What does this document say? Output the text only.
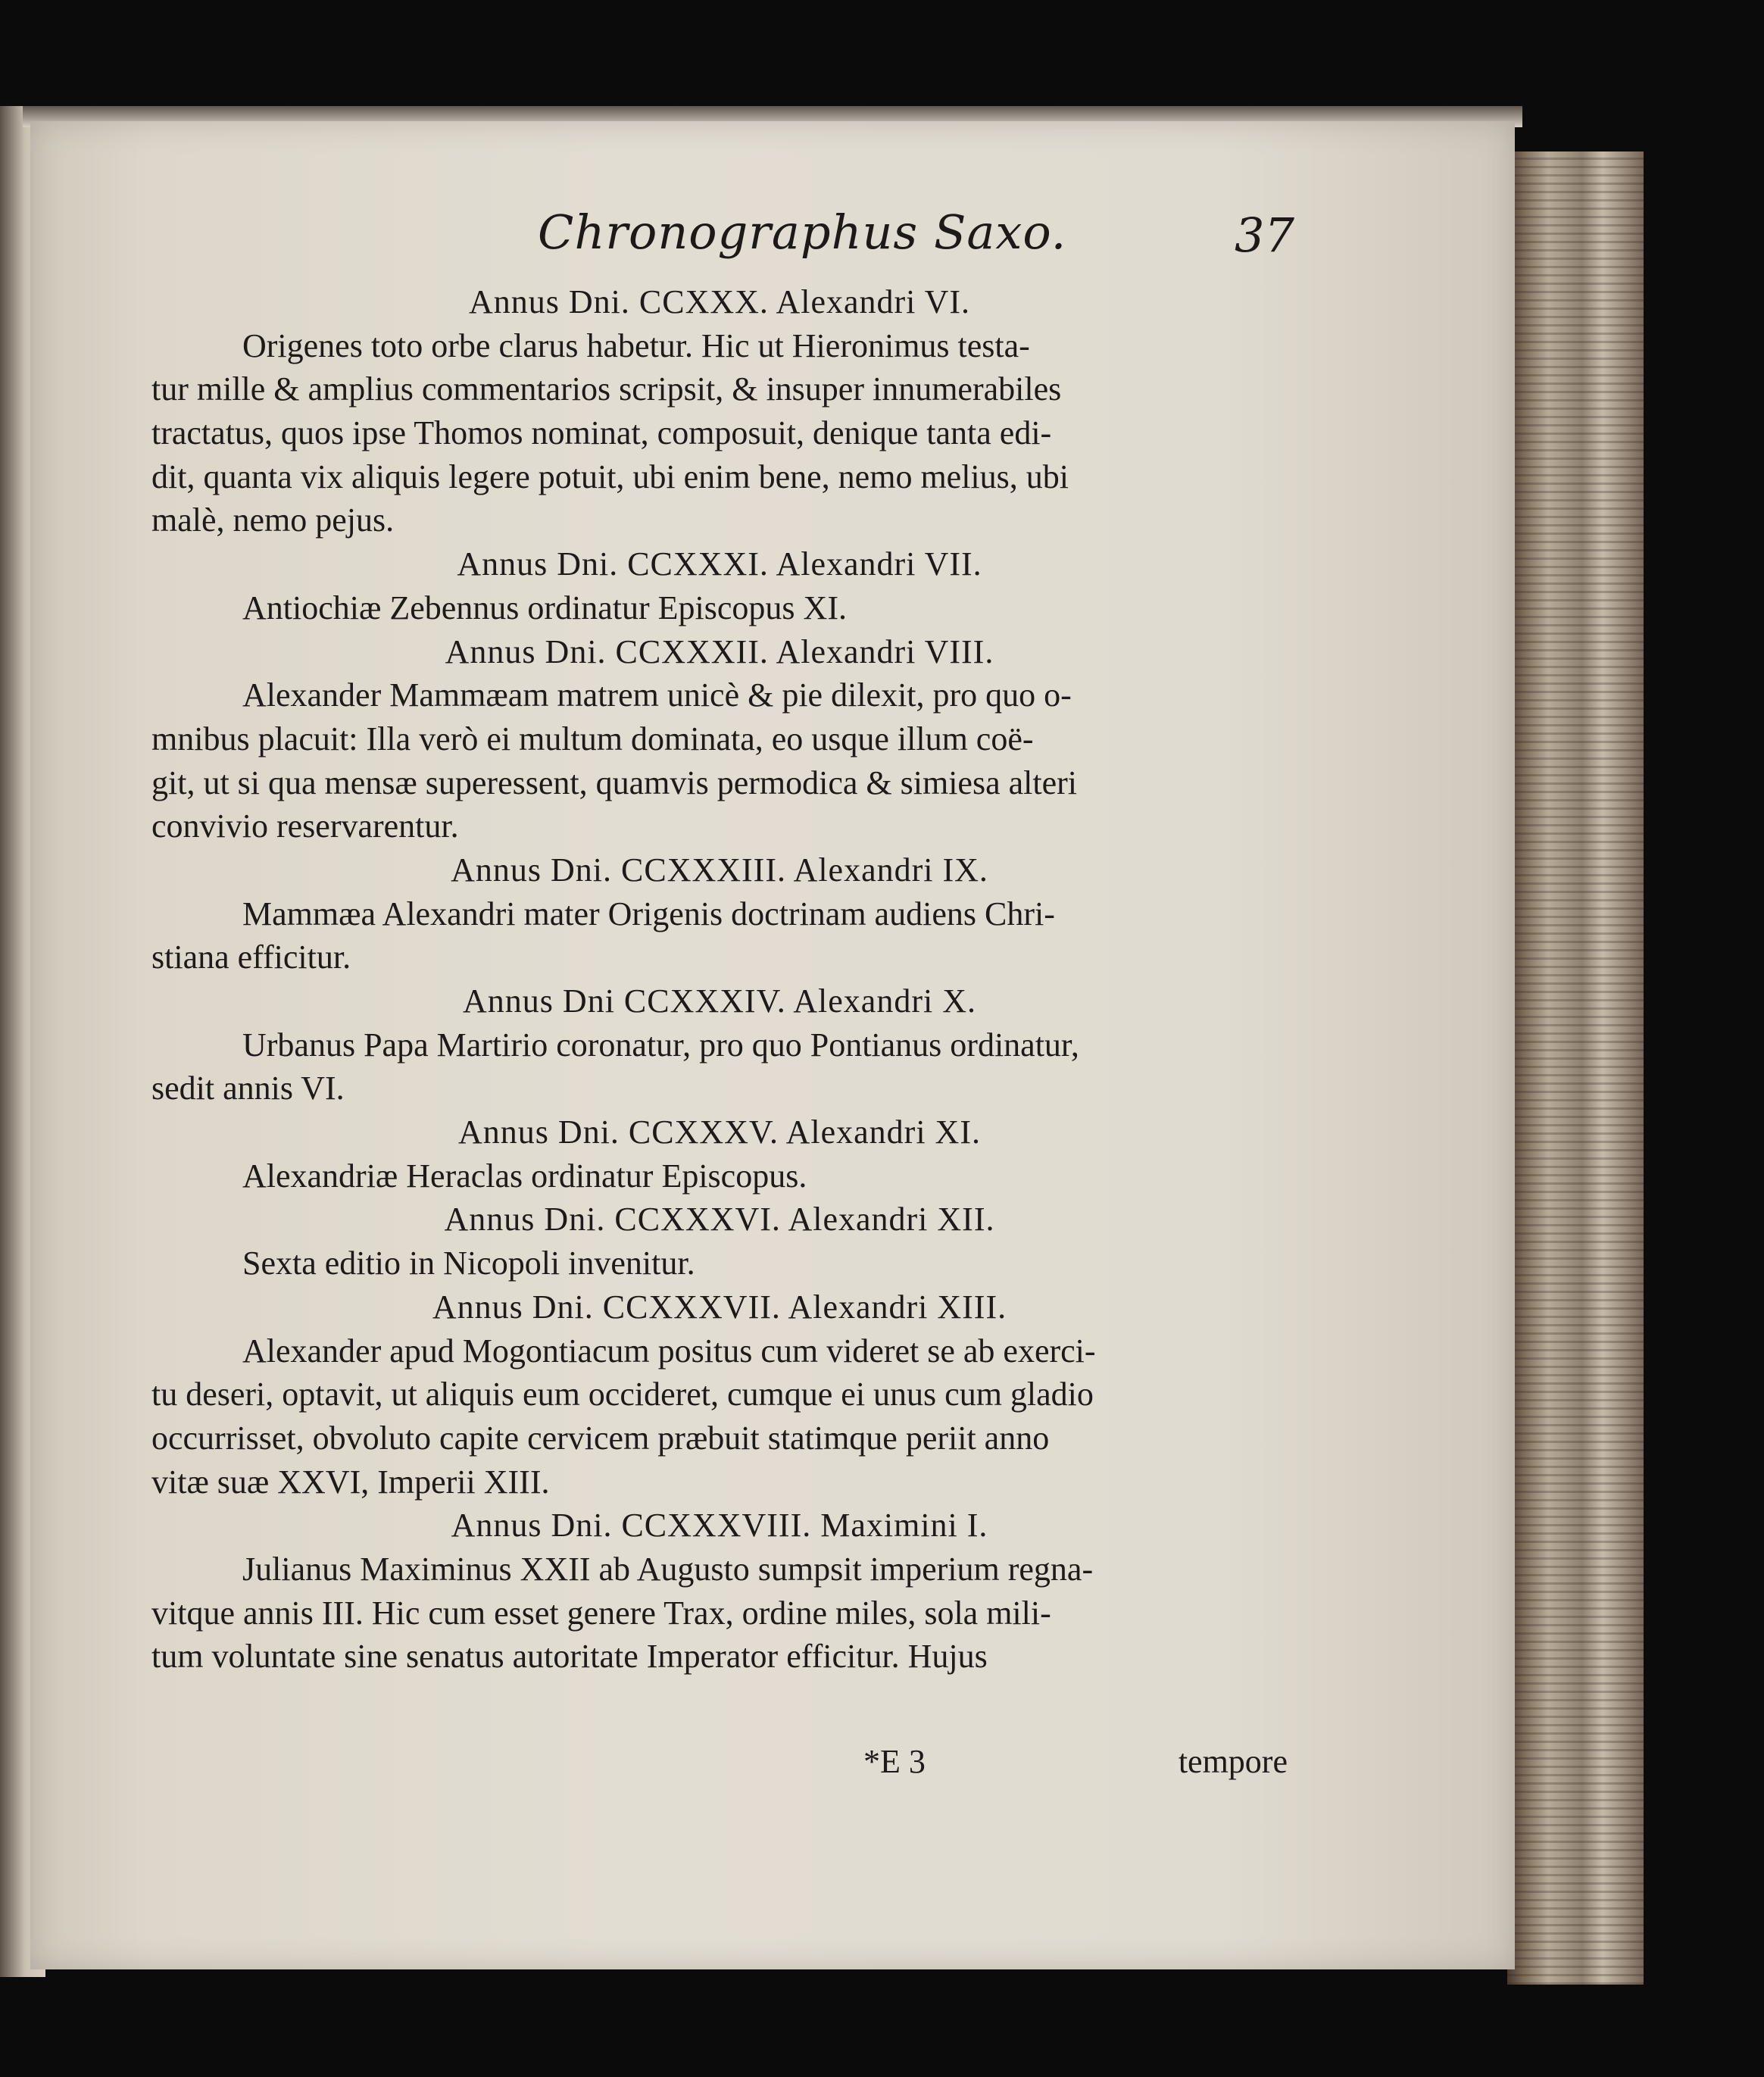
Chronographus Saxo.	37
Annus Dni. CCXXX. Alexandri VI.
Origenes toto orbe clarus habetur. Hic ut Hieronimus testa-
tur mille & amplius commentarios scripsit, & insuper innumerabiles
tractatus, quos ipse Thomos nominat, composuit, denique tanta edi-
dit, quanta vix aliquis legere potuit, ubi enim bene, nemo melius, ubi
malè, nemo pejus.
Annus Dni. CCXXXI. Alexandri VII.
Antiochiæ Zebennus ordinatur Episcopus XI.
Annus Dni. CCXXXII. Alexandri VIII.
Alexander Mammæam matrem unicè & pie dilexit, pro quo o-
mnibus placuit: Illa verò ei multum dominata, eo usque illum coë-
git, ut si qua mensæ superessent, quamvis permodica & simiesa alteri
convivio reservarentur.
Annus Dni. CCXXXIII. Alexandri IX.
Mammæa Alexandri mater Origenis doctrinam audiens Chri-
stiana efficitur.
Annus Dni CCXXXIV. Alexandri X.
Urbanus Papa Martirio coronatur, pro quo Pontianus ordinatur,
sedit annis VI.
Annus Dni. CCXXXV. Alexandri XI.
Alexandriæ Heraclas ordinatur Episcopus.
Annus Dni. CCXXXVI. Alexandri XII.
Sexta editio in Nicopoli invenitur.
Annus Dni. CCXXXVII. Alexandri XIII.
Alexander apud Mogontiacum positus cum videret se ab exerci-
tu deseri, optavit, ut aliquis eum occideret, cumque ei unus cum gladio
occurrisset, obvoluto capite cervicem præbuit statimque periit anno
vitæ suæ XXVI, Imperii XIII.
Annus Dni. CCXXXVIII. Maximini I.
Julianus Maximinus XXII ab Augusto sumpsit imperium regna-
vitque annis III. Hic cum esset genere Trax, ordine miles, sola mili-
tum voluntate sine senatus autoritate Imperator efficitur. Hujus
*E 3	tempore
